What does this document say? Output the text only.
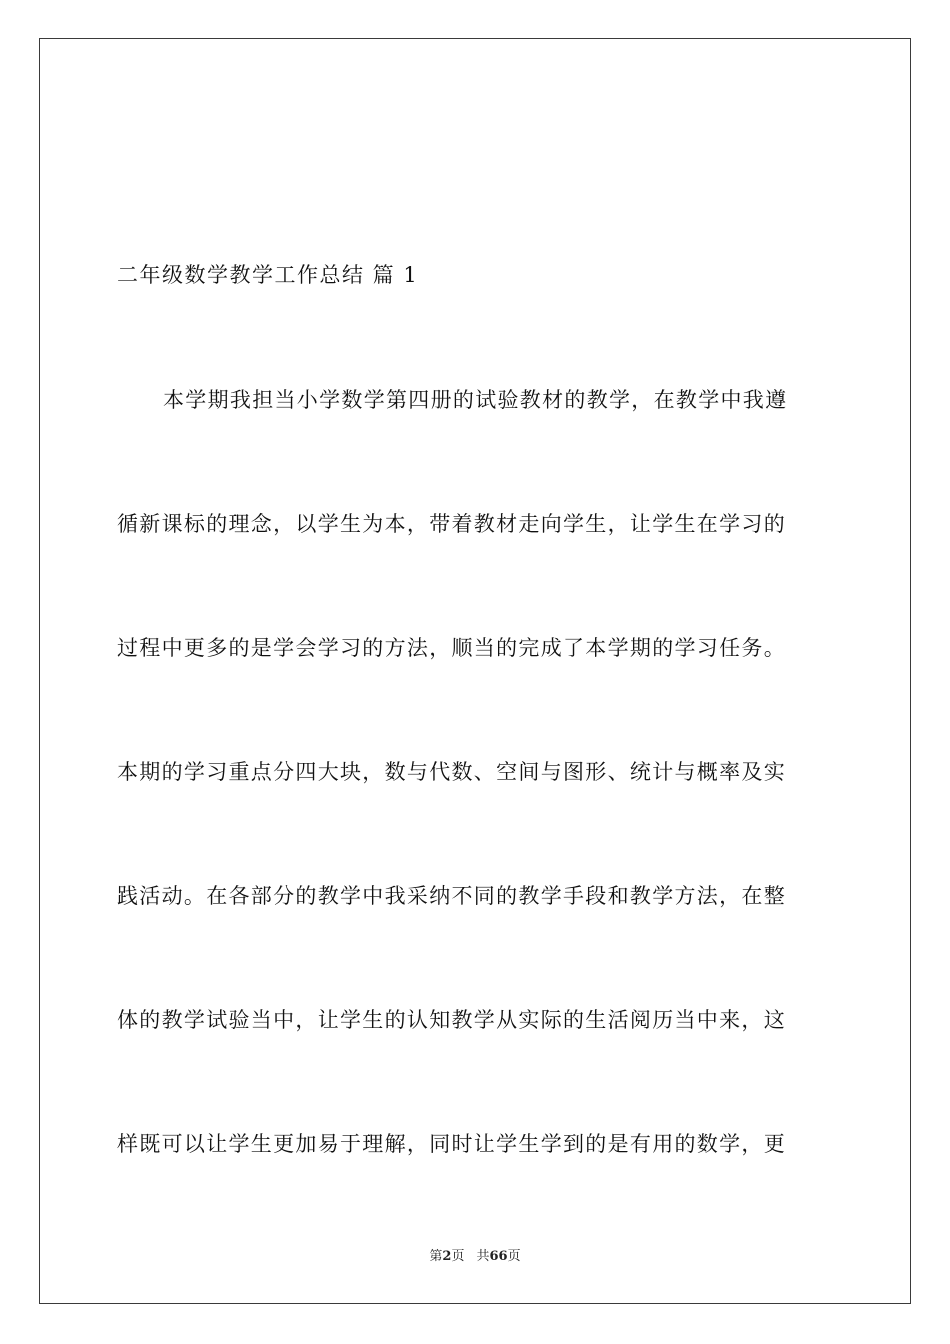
二年级数学教学工作总结 篇 1
本学期我担当小学数学第四册的试验教材的教学，在教学中我遵
循新课标的理念，以学生为本，带着教材走向学生，让学生在学习的
过程中更多的是学会学习的方法，顺当的完成了本学期的学习任务。
本期的学习重点分四大块，数与代数、空间与图形、统计与概率及实
践活动。在各部分的教学中我采纳不同的教学手段和教学方法，在整
体的教学试验当中，让学生的认知教学从实际的生活阅历当中来，这
样既可以让学生更加易于理解，同时让学生学到的是有用的数学，更
第2页 共66页
